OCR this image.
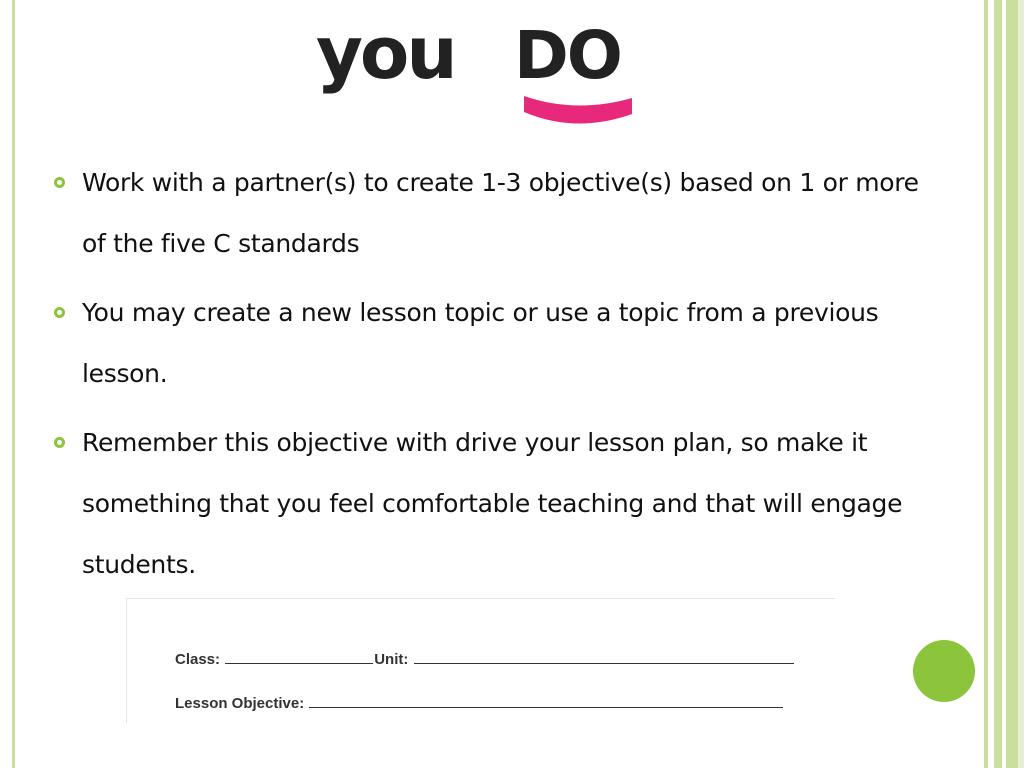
you DO
Work with a partner(s) to create 1-3 objective(s) based on 1 or more of the five C standards
You may create a new lesson topic or use a topic from a previous lesson.
Remember this objective with drive your lesson plan, so make it something that you feel comfortable teaching and that will engage students.
Class:	Unit:
Lesson Objective:
